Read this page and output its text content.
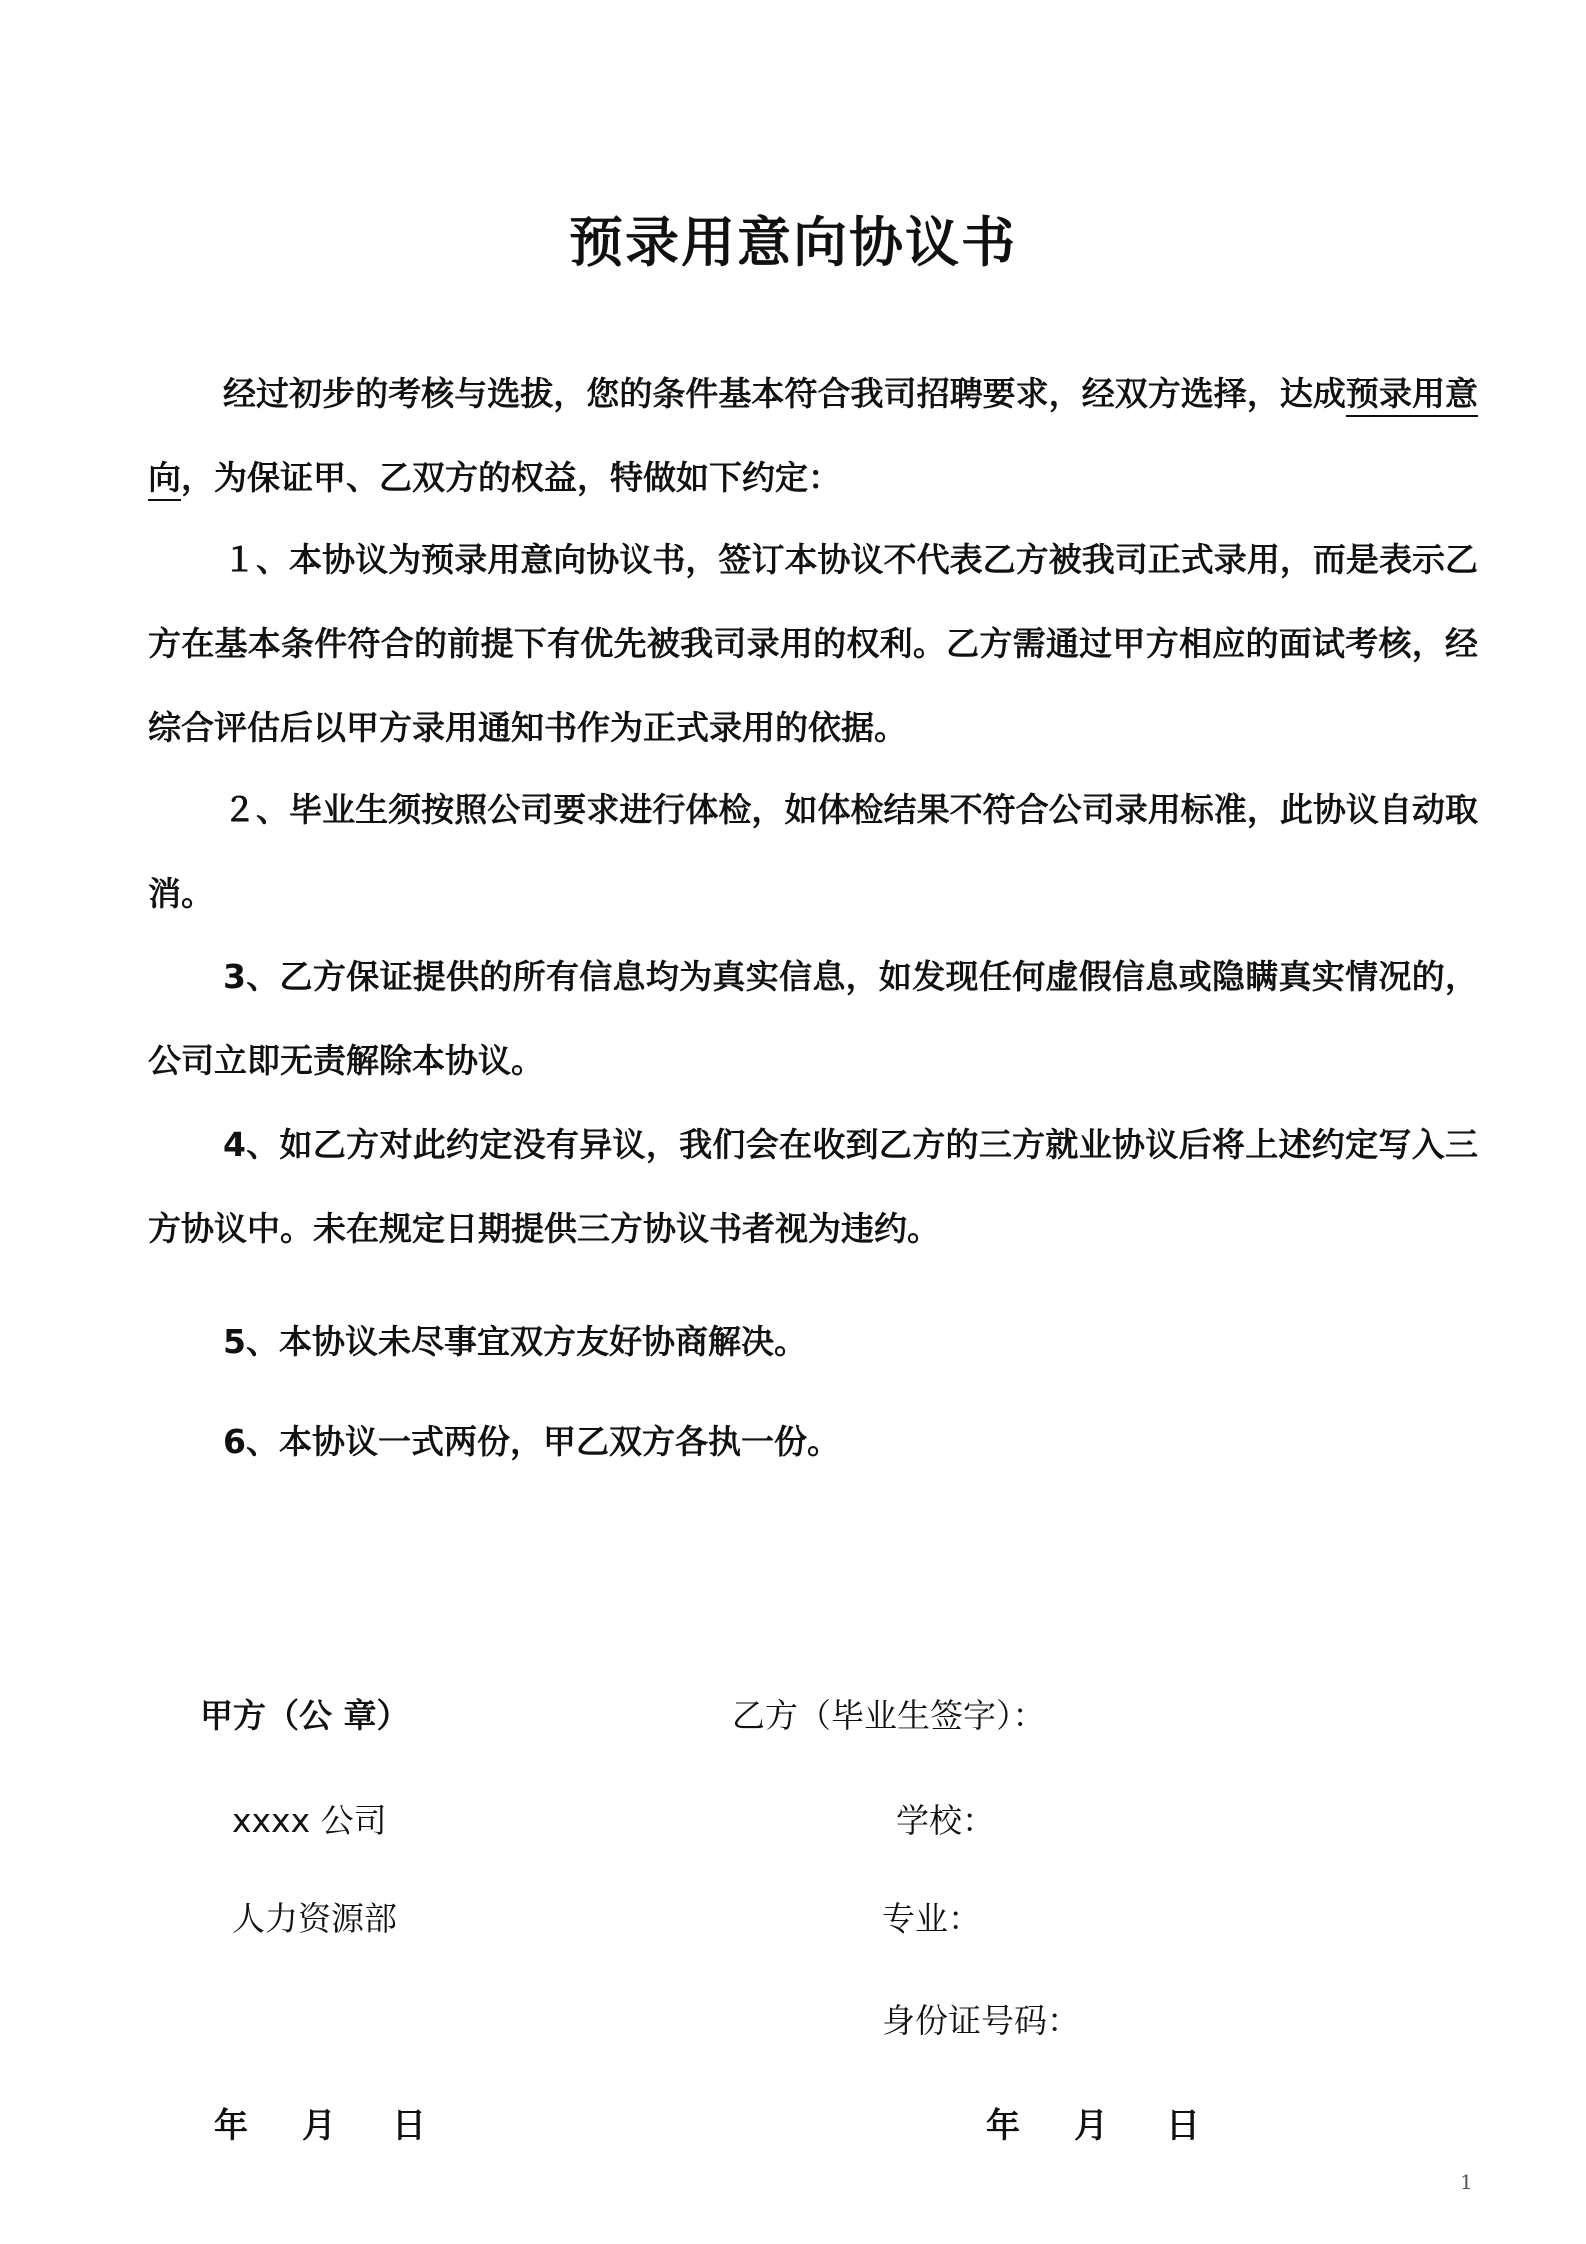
预录用意向协议书

经过初步的考核与选拔，您的条件基本符合我司招聘要求，经双方选择，达成预录用意向，为保证甲、乙双方的权益，特做如下约定：

１、本协议为预录用意向协议书，签订本协议不代表乙方被我司正式录用，而是表示乙方在基本条件符合的前提下有优先被我司录用的权利。乙方需通过甲方相应的面试考核，经综合评估后以甲方录用通知书作为正式录用的依据。

２、毕业生须按照公司要求进行体检，如体检结果不符合公司录用标准，此协议自动取消。

3、乙方保证提供的所有信息均为真实信息，如发现任何虚假信息或隐瞒真实情况的，公司立即无责解除本协议。

4、如乙方对此约定没有异议，我们会在收到乙方的三方就业协议后将上述约定写入三方协议中。未在规定日期提供三方协议书者视为违约。

5、本协议未尽事宜双方友好协商解决。

6、本协议一式两份，甲乙双方各执一份。

甲方（公 章）
xxxx 公司
人力资源部
乙方（毕业生签字）：
学校：
专业：
身份证号码：
年 月 日	年 月 日
1
